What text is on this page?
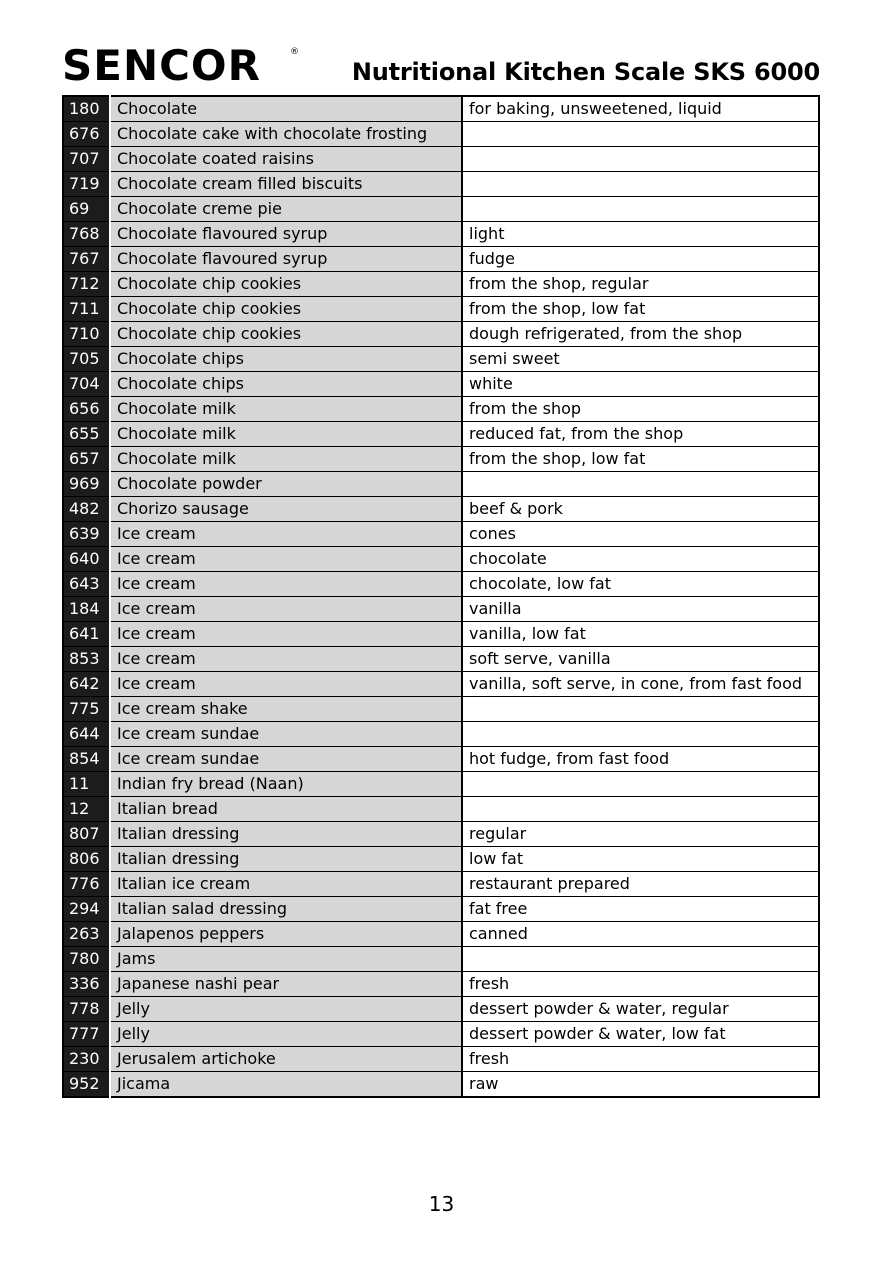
SENCOR	®
Nutritional Kitchen Scale SKS 6000
180	Chocolate	for baking, unsweetened, liquid
676	Chocolate cake with chocolate frosting	
707	Chocolate coated raisins	
719	Chocolate cream filled biscuits	
69	Chocolate creme pie	
768	Chocolate flavoured syrup	light
767	Chocolate flavoured syrup	fudge
712	Chocolate chip cookies	from the shop, regular
711	Chocolate chip cookies	from the shop, low fat
710	Chocolate chip cookies	dough refrigerated, from the shop
705	Chocolate chips	semi sweet
704	Chocolate chips	white
656	Chocolate milk	from the shop
655	Chocolate milk	reduced fat, from the shop
657	Chocolate milk	from the shop, low fat
969	Chocolate powder	
482	Chorizo sausage	beef & pork
639	Ice cream	cones
640	Ice cream	chocolate
643	Ice cream	chocolate, low fat
184	Ice cream	vanilla
641	Ice cream	vanilla, low fat
853	Ice cream	soft serve, vanilla
642	Ice cream	vanilla, soft serve, in cone, from fast food
775	Ice cream shake	
644	Ice cream sundae	
854	Ice cream sundae	hot fudge, from fast food
11	Indian fry bread (Naan)	
12	Italian bread	
807	Italian dressing	regular
806	Italian dressing	low fat
776	Italian ice cream	restaurant prepared
294	Italian salad dressing	fat free
263	Jalapenos peppers	canned
780	Jams	
336	Japanese nashi pear	fresh
778	Jelly	dessert powder & water, regular
777	Jelly	dessert powder & water, low fat
230	Jerusalem artichoke	fresh
952	Jicama	raw
13
